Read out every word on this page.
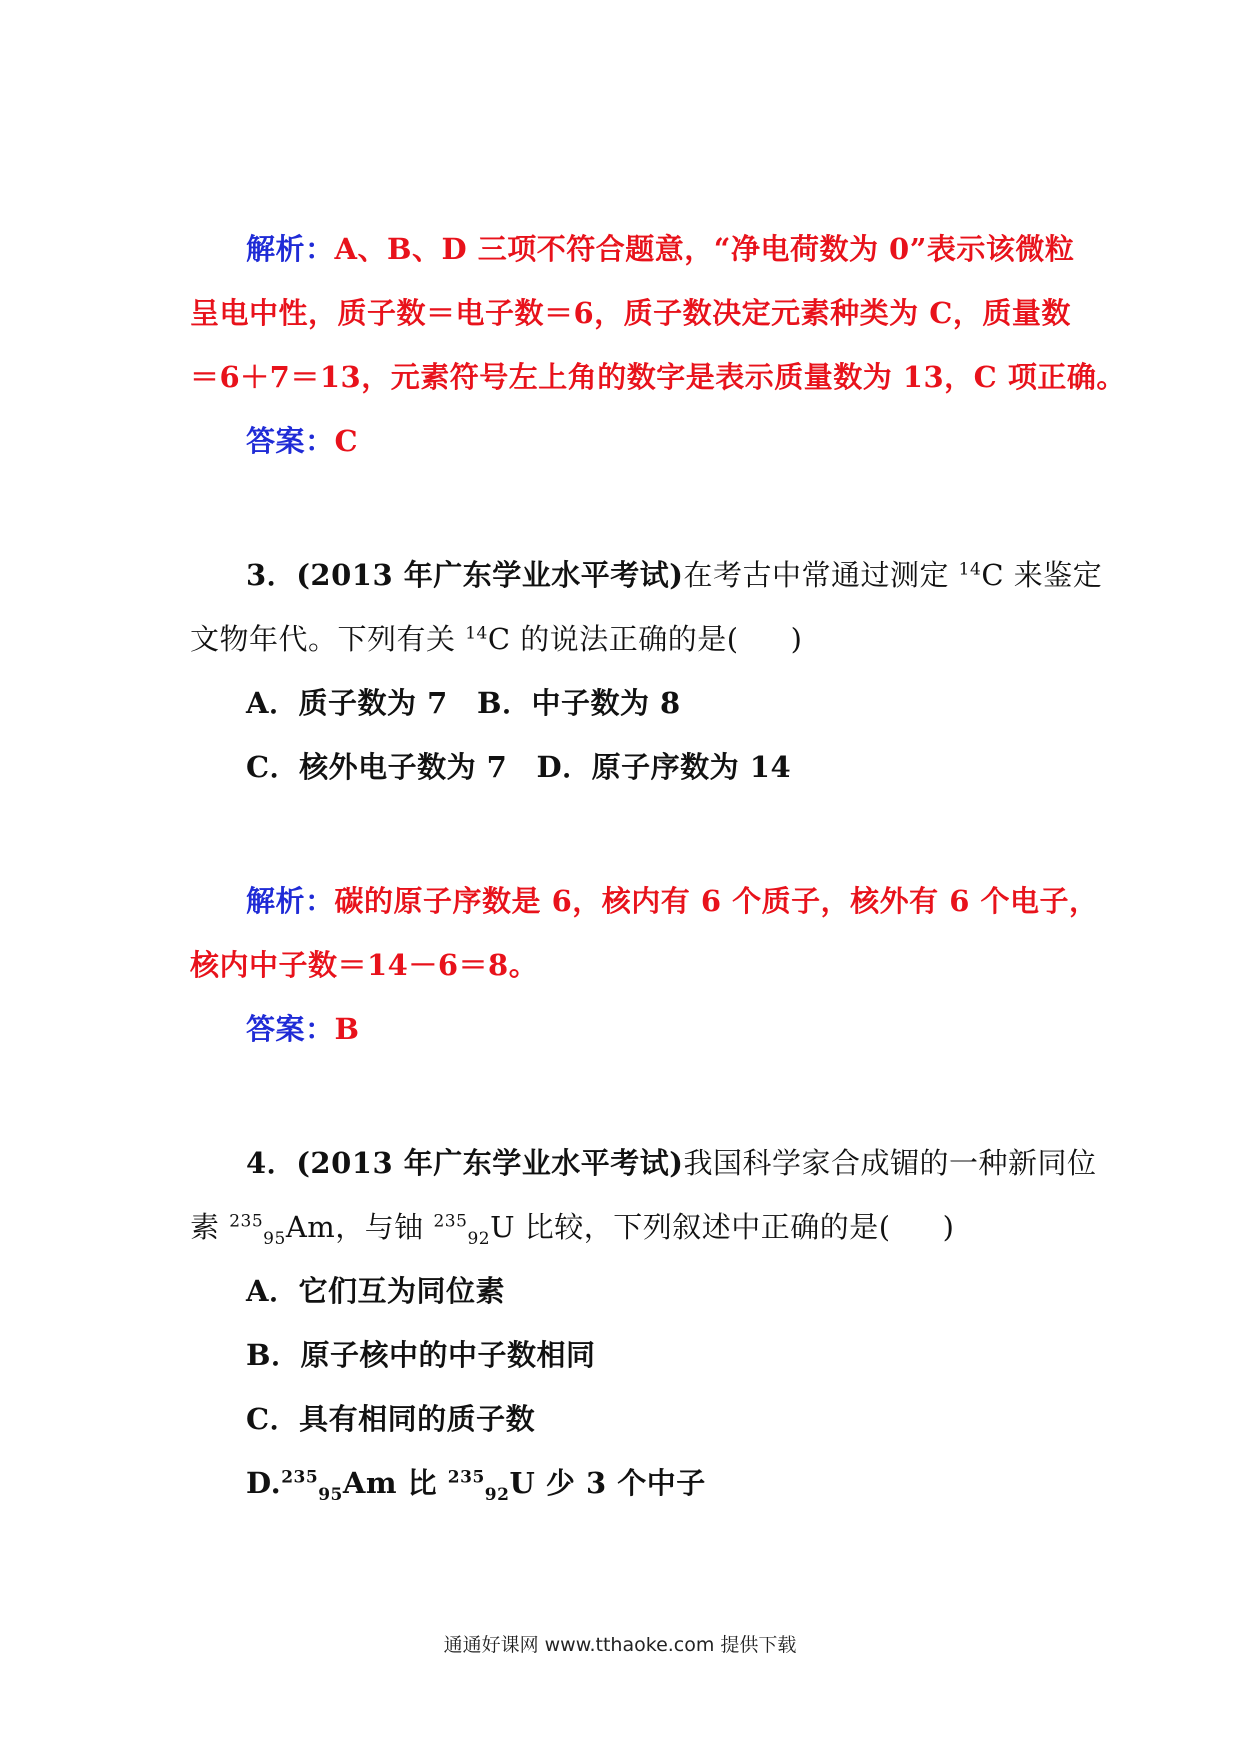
解析：A、B、D 三项不符合题意，“净电荷数为 0”表示该微粒
呈电中性，质子数＝电子数＝6，质子数决定元素种类为 C，质量数
＝6＋7＝13，元素符号左上角的数字是表示质量数为 13，C 项正确。
答案：C
3．(2013 年广东学业水平考试)在考古中常通过测定 $^{14}$C 来鉴定
文物年代。下列有关 $^{14}$C 的说法正确的是( )
A．质子数为 7 B．中子数为 8
C．核外电子数为 7 D．原子序数为 14
解析：碳的原子序数是 6，核内有 6 个质子，核外有 6 个电子，
核内中子数＝14－6＝8。
答案：B
4．(2013 年广东学业水平考试)我国科学家合成镅的一种新同位
素 $^{235}_{95}$Am，与铀 $^{235}_{92}$U 比较，下列叙述中正确的是( )
A．它们互为同位素
B．原子核中的中子数相同
C．具有相同的质子数
D.$^{235}_{95}$Am 比 $^{235}_{92}$U 少 3 个中子
通通好课网 www.tthaoke.com 提供下载
